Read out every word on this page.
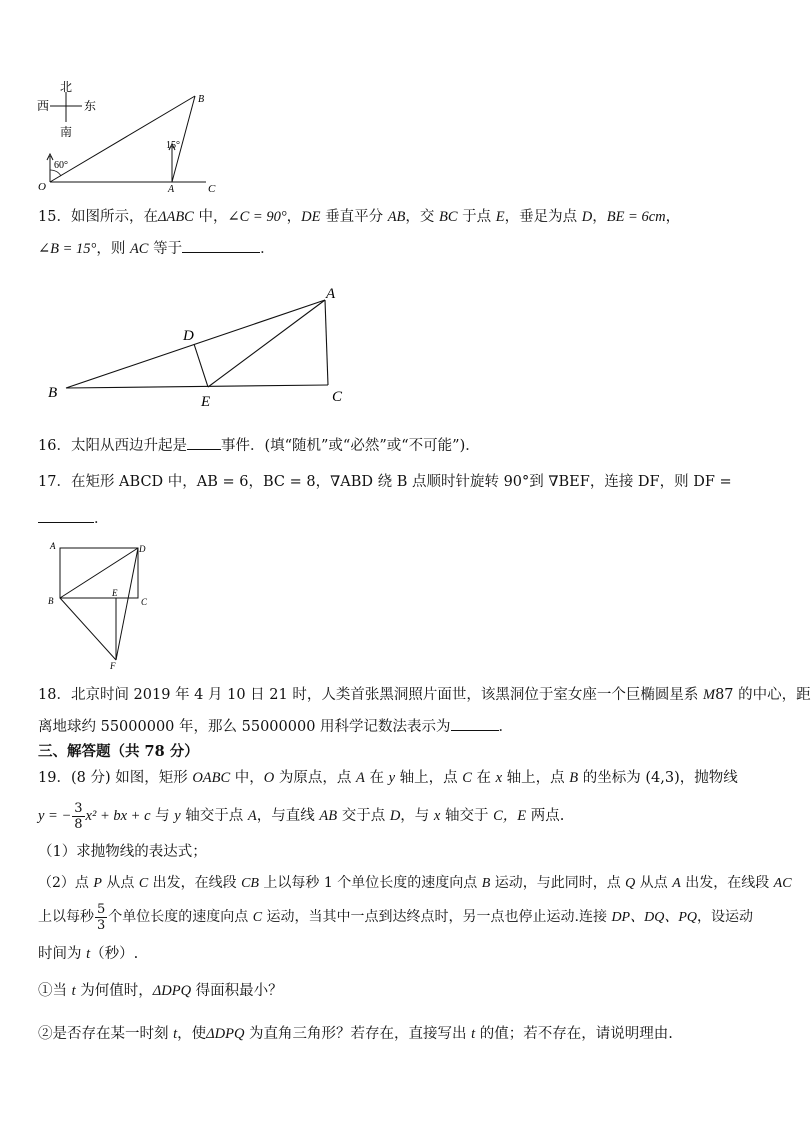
北
南
西	东
60°
15°
O	A
B
C
15．如图所示，在ΔABC 中，∠C = 90°，DE 垂直平分 AB，交 BC 于点 E，垂足为点 D，BE = 6cm，
∠B = 15°，则 AC 等于	．
A
B	C
D
E
16．太阳从西边升起是 事件．(填“随机”或“必然”或“不可能”)．
17．在矩形 ABCD 中，AB = 6，BC = 8，∇ABD 绕 B 点顺时针旋转 90°到 ∇BEF，连接 DF，则 DF =
．
A
B	C
D
E
F
18．北京时间 2019 年 4 月 10 日 21 时，人类首张黑洞照片面世，该黑洞位于室女座一个巨椭圆星系 M87 的中心，距
离地球约 55000000 年，那么 55000000 用科学记数法表示为	．
三、解答题（共 78 分）
19．(8 分) 如图，矩形 OABC 中，O 为原点，点 A 在 y 轴上，点 C 在 x 轴上，点 B 的坐标为 (4,3)，抛物线
y = − $\frac{3}{8} x^2$ + bx + c 与 y 轴交于点 A，与直线 AB 交于点 D，与 x 轴交于 C，E 两点.
（1）求抛物线的表达式；
（2）点 P 从点 C 出发，在线段 CB 上以每秒 1 个单位长度的速度向点 B 运动，与此同时，点 Q 从点 A 出发，在线段 AC
上以每秒 $\frac{5}{3}$ 个单位长度的速度向点 C 运动，当其中一点到达终点时，另一点也停止运动.连接 DP、DQ、PQ，设运动
时间为 t（秒）.
①当 t 为何值时，ΔDPQ 得面积最小？
②是否存在某一时刻 t，使ΔDPQ 为直角三角形？若存在，直接写出 t 的值；若不存在，请说明理由.
